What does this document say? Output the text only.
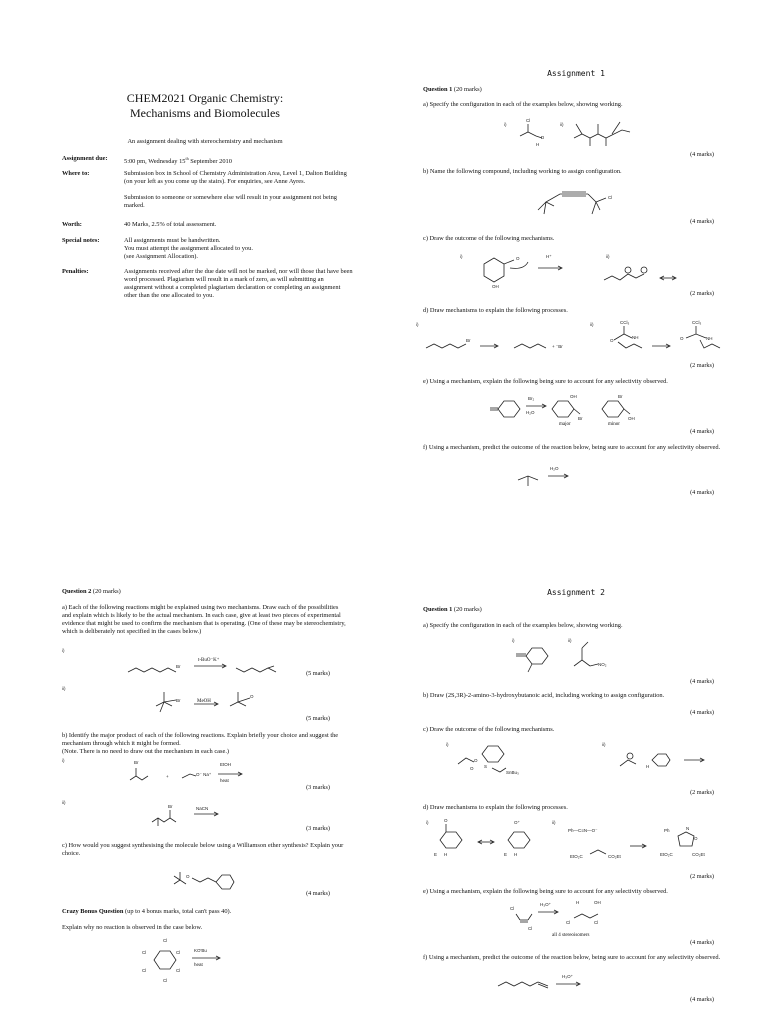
CHEM2021 Organic Chemistry:
Mechanisms and Biomolecules
An assignment dealing with stereochemistry and mechanism
Assignment due:	5:00 pm, Wednesday 15th September 2010
Where to:	Submission box in School of Chemistry Administration Area, Level 1, Dalton Building (on your left as you come up the stairs). For enquiries, see Anne Ayres.
Submission to someone or somewhere else will result in your assignment not being marked.
Worth:	40 Marks, 2.5% of total assessment.
Special notes:	All assignments must be handwritten.
You must attempt the assignment allocated to you.
(see Assignment Allocation).
Penalties:	Assignments received after the due date will not be marked, nor will those that have been word processed. Plagiarism will result in a mark of zero, as will submitting an assignment without a completed plagiarism declaration or completing an assignment other than the one allocated to you.
Assignment 1
Question 1 (20 marks)
a) Specify the configuration in each of the examples below, showing working.
i)
Cl
D
H
ii)
(4 marks)
b) Name the following compound, including working to assign configuration.
Cl
(4 marks)
c) Draw the outcome of the following mechanisms.
i)	O
OH
H⁺	ii)
(2 marks)
d) Draw mechanisms to explain the following processes.
i)
Br
+ ⁻Br
ii)	CCl₃
NH
O
CCl₃
O	NH
(2 marks)
e) Using a mechanism, explain the following being sure to account for any selectivity observed.
Br₂
H₂O
OH
Br
Br
OH
major	minor
(4 marks)
f) Using a mechanism, predict the outcome of the reaction below, being sure to account for any selectivity observed.
H₂O
(4 marks)
Question 2 (20 marks)
a) Each of the following reactions might be explained using two mechanisms. Draw each of the possibilities and explain which is likely to be the actual mechanism. In each case, give at least two pieces of experimental evidence that might be used to confirm the mechanism that is operating. (One of these may be stereochemistry, which is deliberately not specified in the cases below.)
i)
Br
t-BuO⁻K⁺
(5 marks)
ii)
Br
O
MeOH
(5 marks)
b) Identify the major product of each of the following reactions. Explain briefly your choice and suggest the mechanism through which it might be formed.
(Note. There is no need to draw out the mechanism in each case.)
i)	Br
+	O⁻ Na⁺
EtOH
heat
(3 marks)
ii)
Br	NaCN
(3 marks)
c) How would you suggest synthesising the molecule below using a Williamson ether synthesis? Explain your choice.
O
(4 marks)
Crazy Bonus Question (up to 4 bonus marks, total can't pass 40).
Explain why no reaction is observed in the case below.
Cl
Cl	Cl
Cl	Cl
Cl
KO'Bu
heat
Assignment 2
Question 1 (20 marks)
a) Specify the configuration in each of the examples below, showing working.
i)	ii)
NO₂
(4 marks)
b) Draw (2S,3R)-2-amino-3-hydroxybutanoic acid, including working to assign configuration.
(4 marks)
c) Draw the outcome of the following mechanisms.
i)
O
O
S
SnBu₃
ii)
H
(2 marks)
d) Draw mechanisms to explain the following processes.
i)	O
E H
O⁺
E H
ii)
Ph—C≡N—O⁻
EtO₂C	CO₂Et
Ph	N
O
EtO₂C	CO₂Et
(2 marks)
e) Using a mechanism, explain the following being sure to account for any selectivity observed.
Cl
Cl
H₃O⁺	H	OH
Cl	Cl
all 4 stereoisomers
(4 marks)
f) Using a mechanism, predict the outcome of the reaction below, being sure to account for any selectivity observed.
H₃O⁺
(4 marks)
